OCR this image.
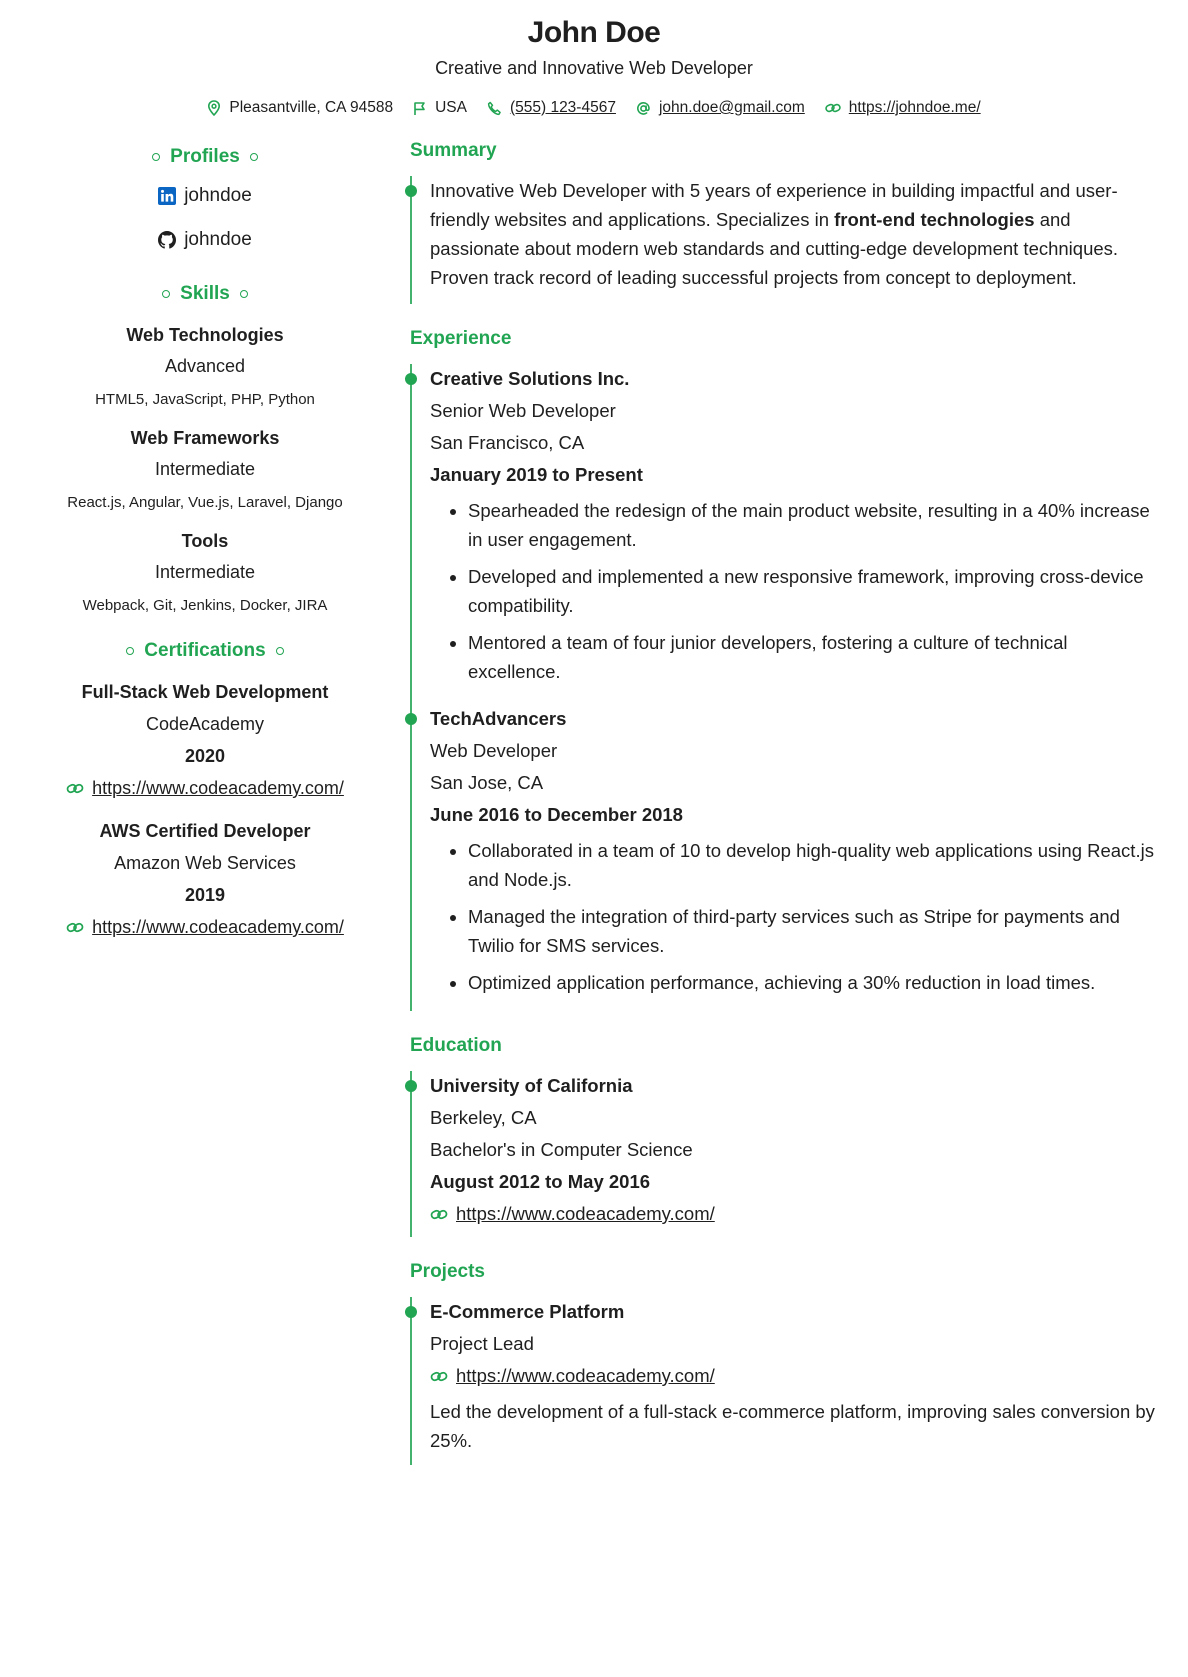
John Doe
Creative and Innovative Web Developer
Pleasantville, CA 94588	USA	(555) 123-4567	john.doe@gmail.com	https://johndoe.me/
Profiles
johndoe
johndoe
Skills
Web Technologies
Advanced
HTML5, JavaScript, PHP, Python
Web Frameworks
Intermediate
React.js, Angular, Vue.js, Laravel, Django
Tools
Intermediate
Webpack, Git, Jenkins, Docker, JIRA
Certifications
Full-Stack Web Development
CodeAcademy
2020
https://www.codeacademy.com/
AWS Certified Developer
Amazon Web Services
2019
https://www.codeacademy.com/
Summary
Innovative Web Developer with 5 years of experience in building impactful and user-friendly websites and applications. Specializes in front-end technologies and passionate about modern web standards and cutting-edge development techniques. Proven track record of leading successful projects from concept to deployment.
Experience
Creative Solutions Inc.
Senior Web Developer
San Francisco, CA
January 2019 to Present
• Spearheaded the redesign of the main product website, resulting in a 40% increase in user engagement.
• Developed and implemented a new responsive framework, improving cross-device compatibility.
• Mentored a team of four junior developers, fostering a culture of technical excellence.
TechAdvancers
Web Developer
San Jose, CA
June 2016 to December 2018
• Collaborated in a team of 10 to develop high-quality web applications using React.js and Node.js.
• Managed the integration of third-party services such as Stripe for payments and Twilio for SMS services.
• Optimized application performance, achieving a 30% reduction in load times.
Education
University of California
Berkeley, CA
Bachelor's in Computer Science
August 2012 to May 2016
https://www.codeacademy.com/
Projects
E-Commerce Platform
Project Lead
https://www.codeacademy.com/
Led the development of a full-stack e-commerce platform, improving sales conversion by 25%.
